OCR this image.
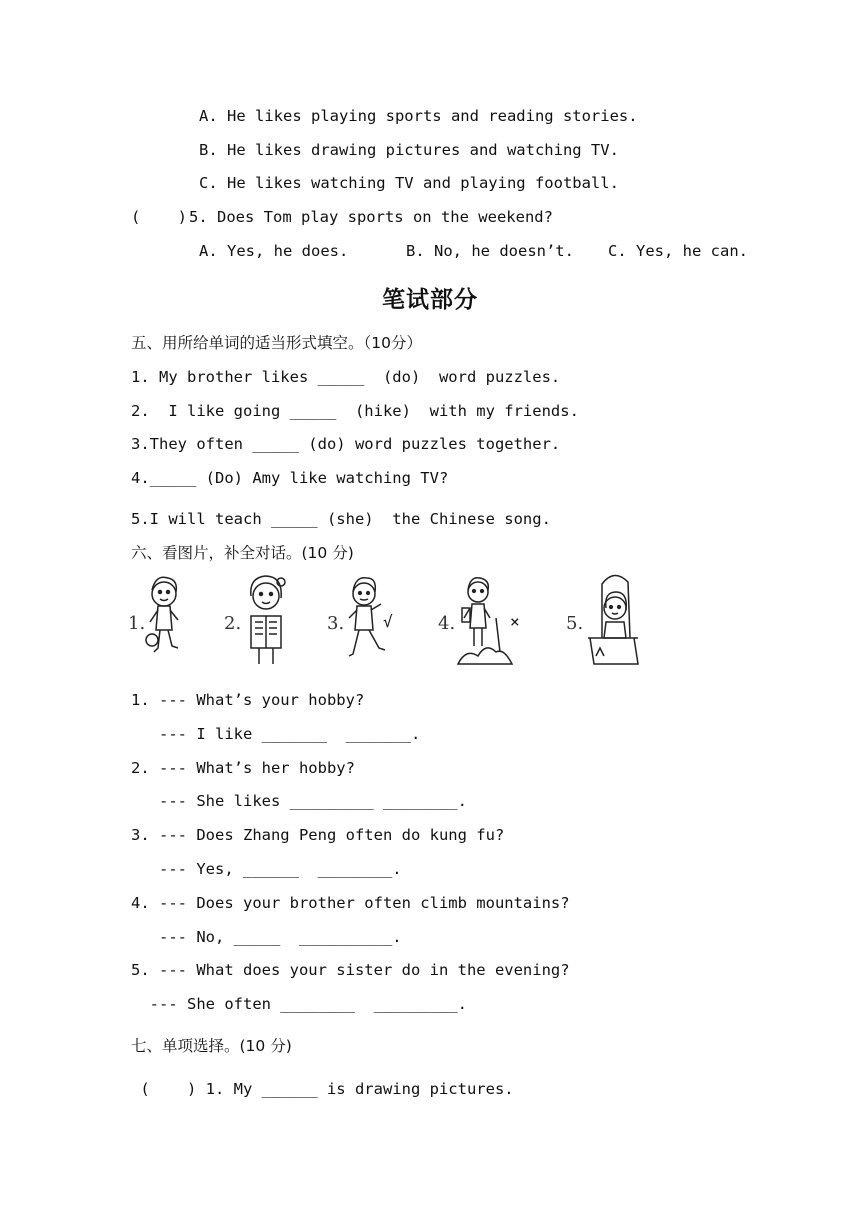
A. He likes playing sports and reading stories.
B. He likes drawing pictures and watching TV.
C. He likes watching TV and playing football.
(    ) 5. Does Tom play sports on the weekend?
A. Yes, he does.	B. No, he doesn’t. C. Yes, he can.
笔试部分
五、用所给单词的适当形式填空。（10分）
1. My brother likes _____  (do)  word puzzles.
2.  I like going _____  (hike)  with my friends.
3.They often _____ (do) word puzzles together.
4._____ (Do) Amy like watching TV?
5.I will teach _____ (she)  the Chinese song.
六、看图片，补全对话。(10 分)
1.	2.	3. √	4.	×	5.
1. --- What’s your hobby?
--- I like _______  _______.
2. --- What’s her hobby?
--- She likes _________ ________.
3. --- Does Zhang Peng often do kung fu?
--- Yes, ______  ________.
4. --- Does your brother often climb mountains?
--- No, _____  __________.
5. --- What does your sister do in the evening?
--- She often ________  _________.
七、单项选择。(10 分)
(    ) 1. My ______ is drawing pictures.
